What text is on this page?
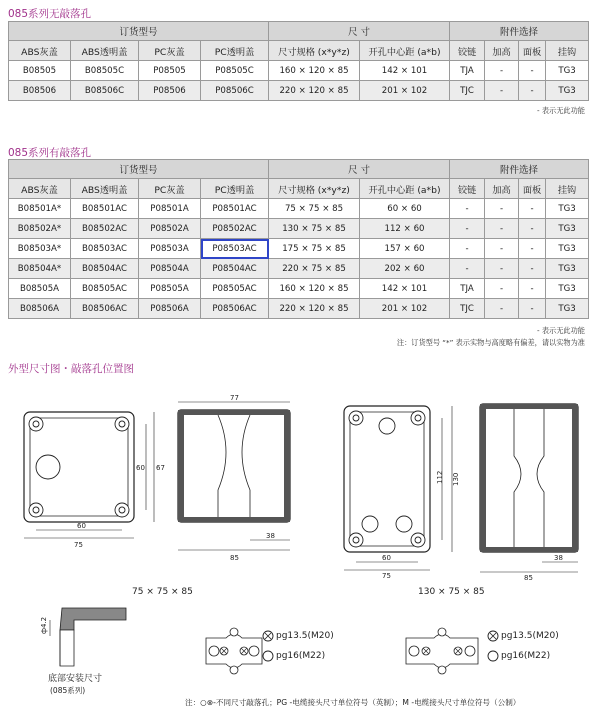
085系列无敲落孔
订货型号				尺 寸		附件选择			
ABS灰盖	ABS透明盖	PC灰盖	PC透明盖	尺寸规格 (x*y*z)	开孔中心距 (a*b)	铰链	加高	面板	挂钩
B08505	B08505C	P08505	P08505C	160 × 120 × 85	142 × 101	TJA	-	-	TG3
B08506	B08506C	P08506	P08506C	220 × 120 × 85	201 × 102	TJC	-	-	TG3
- 表示无此功能
085系列有敲落孔
订货型号				尺 寸		附件选择			
ABS灰盖	ABS透明盖	PC灰盖	PC透明盖	尺寸规格 (x*y*z)	开孔中心距 (a*b)	铰链	加高	面板	挂钩
B08501A*	B08501AC	P08501A	P08501AC	75 × 75 × 85	60 × 60	-	-	-	TG3
B08502A*	B08502AC	P08502A	P08502AC	130 × 75 × 85	112 × 60	-	-	-	TG3
B08503A*	B08503AC	P08503A	P08503AC	175 × 75 × 85	157 × 60	-	-	-	TG3
B08504A*	B08504AC	P08504A	P08504AC	220 × 75 × 85	202 × 60	-	-	-	TG3
B08505A	B08505AC	P08505A	P08505AC	160 × 120 × 85	142 × 101	TJA	-	-	TG3
B08506A	B08506AC	P08506A	P08506AC	220 × 120 × 85	201 × 102	TJC	-	-	TG3
- 表示无此功能
注：订货型号 “*” 表示实物与高度略有偏差，请以实物为准
外型尺寸图・敲落孔位置图
60
75
60 67
77
85
38
75 × 75 × 85
112 130
60
75
38
85
130 × 75 × 85
ф4.2
底部安装尺寸
(085系列)
pg13.5(M20)
pg16(M22)
pg13.5(M20)
pg16(M22)
注：○⊗-不同尺寸敲落孔；PG -电缆接头尺寸单位符号（英制）；M -电缆接头尺寸单位符号（公制）
